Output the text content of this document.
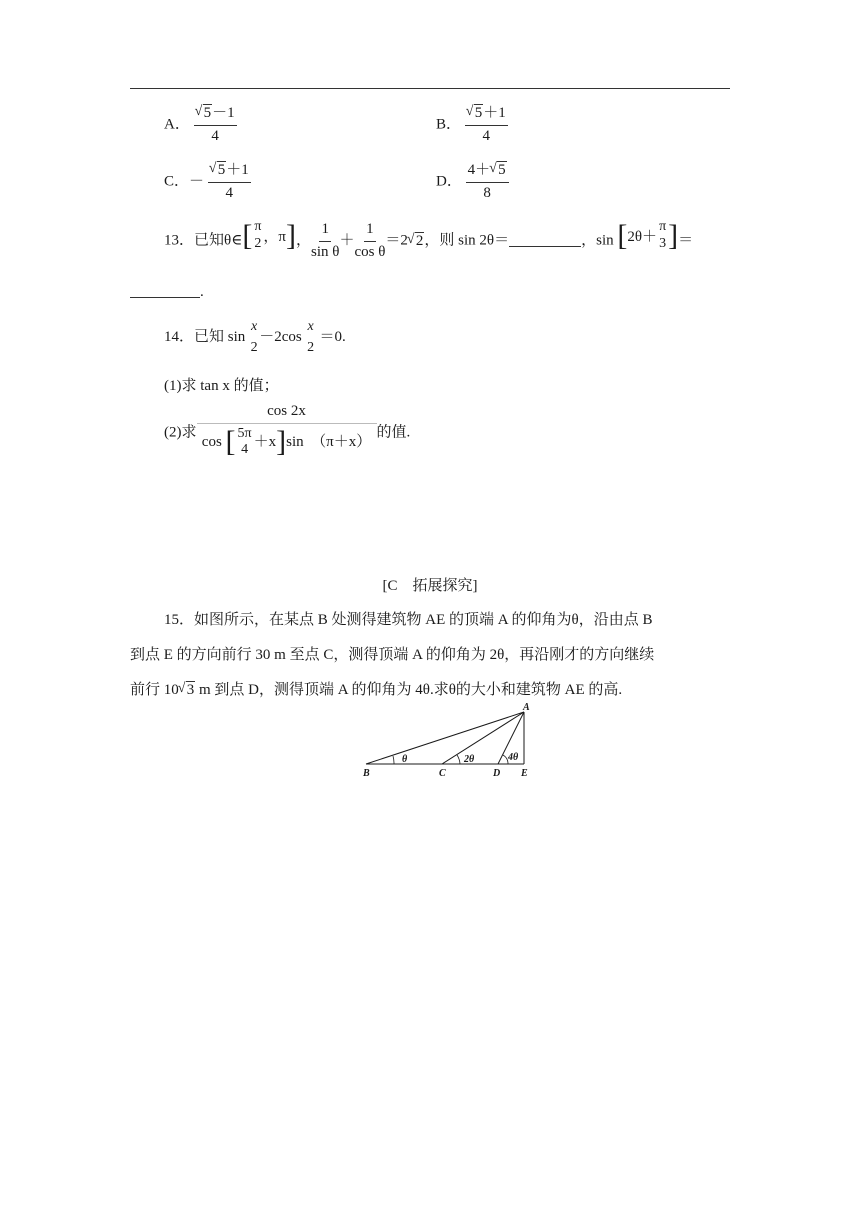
A．
√ $\frac{5-1}{4}$	B．
√ $\frac{5+1}{4}$
C．－
√ $\frac{5+1}{4}$	D． $\frac{4+√ 5}{8}$
13．已知θ∈ [ π
2 ，π ] ， $\frac{1}{\text{sin θ}} + \frac{1}{\text{cos θ}} =2√$ 2，则 sin 2θ＝	，sin [ 2θ＋
π
3 ] ＝
.
14．已知 sin
x
2
－2cos
x
2
＝0.
(1)求 tan x 的值；
(2)求 cos 2x
cos
[ 5π
4
＋x ] sin
（π＋x） 的值.
[C　拓展探究]
15．如图所示，在某点 B 处测得建筑物 AE 的顶端 A 的仰角为θ，沿由点 B
到点 E 的方向前行 30 m 至点 C，测得顶端 A 的仰角为 2θ，再沿刚才的方向继续
前行 10√ 3 m 到点 D，测得顶端 A 的仰角为 4θ.求θ的大小和建筑物 AE 的高.
A
B	C	D E
θ	2θ	4θ
